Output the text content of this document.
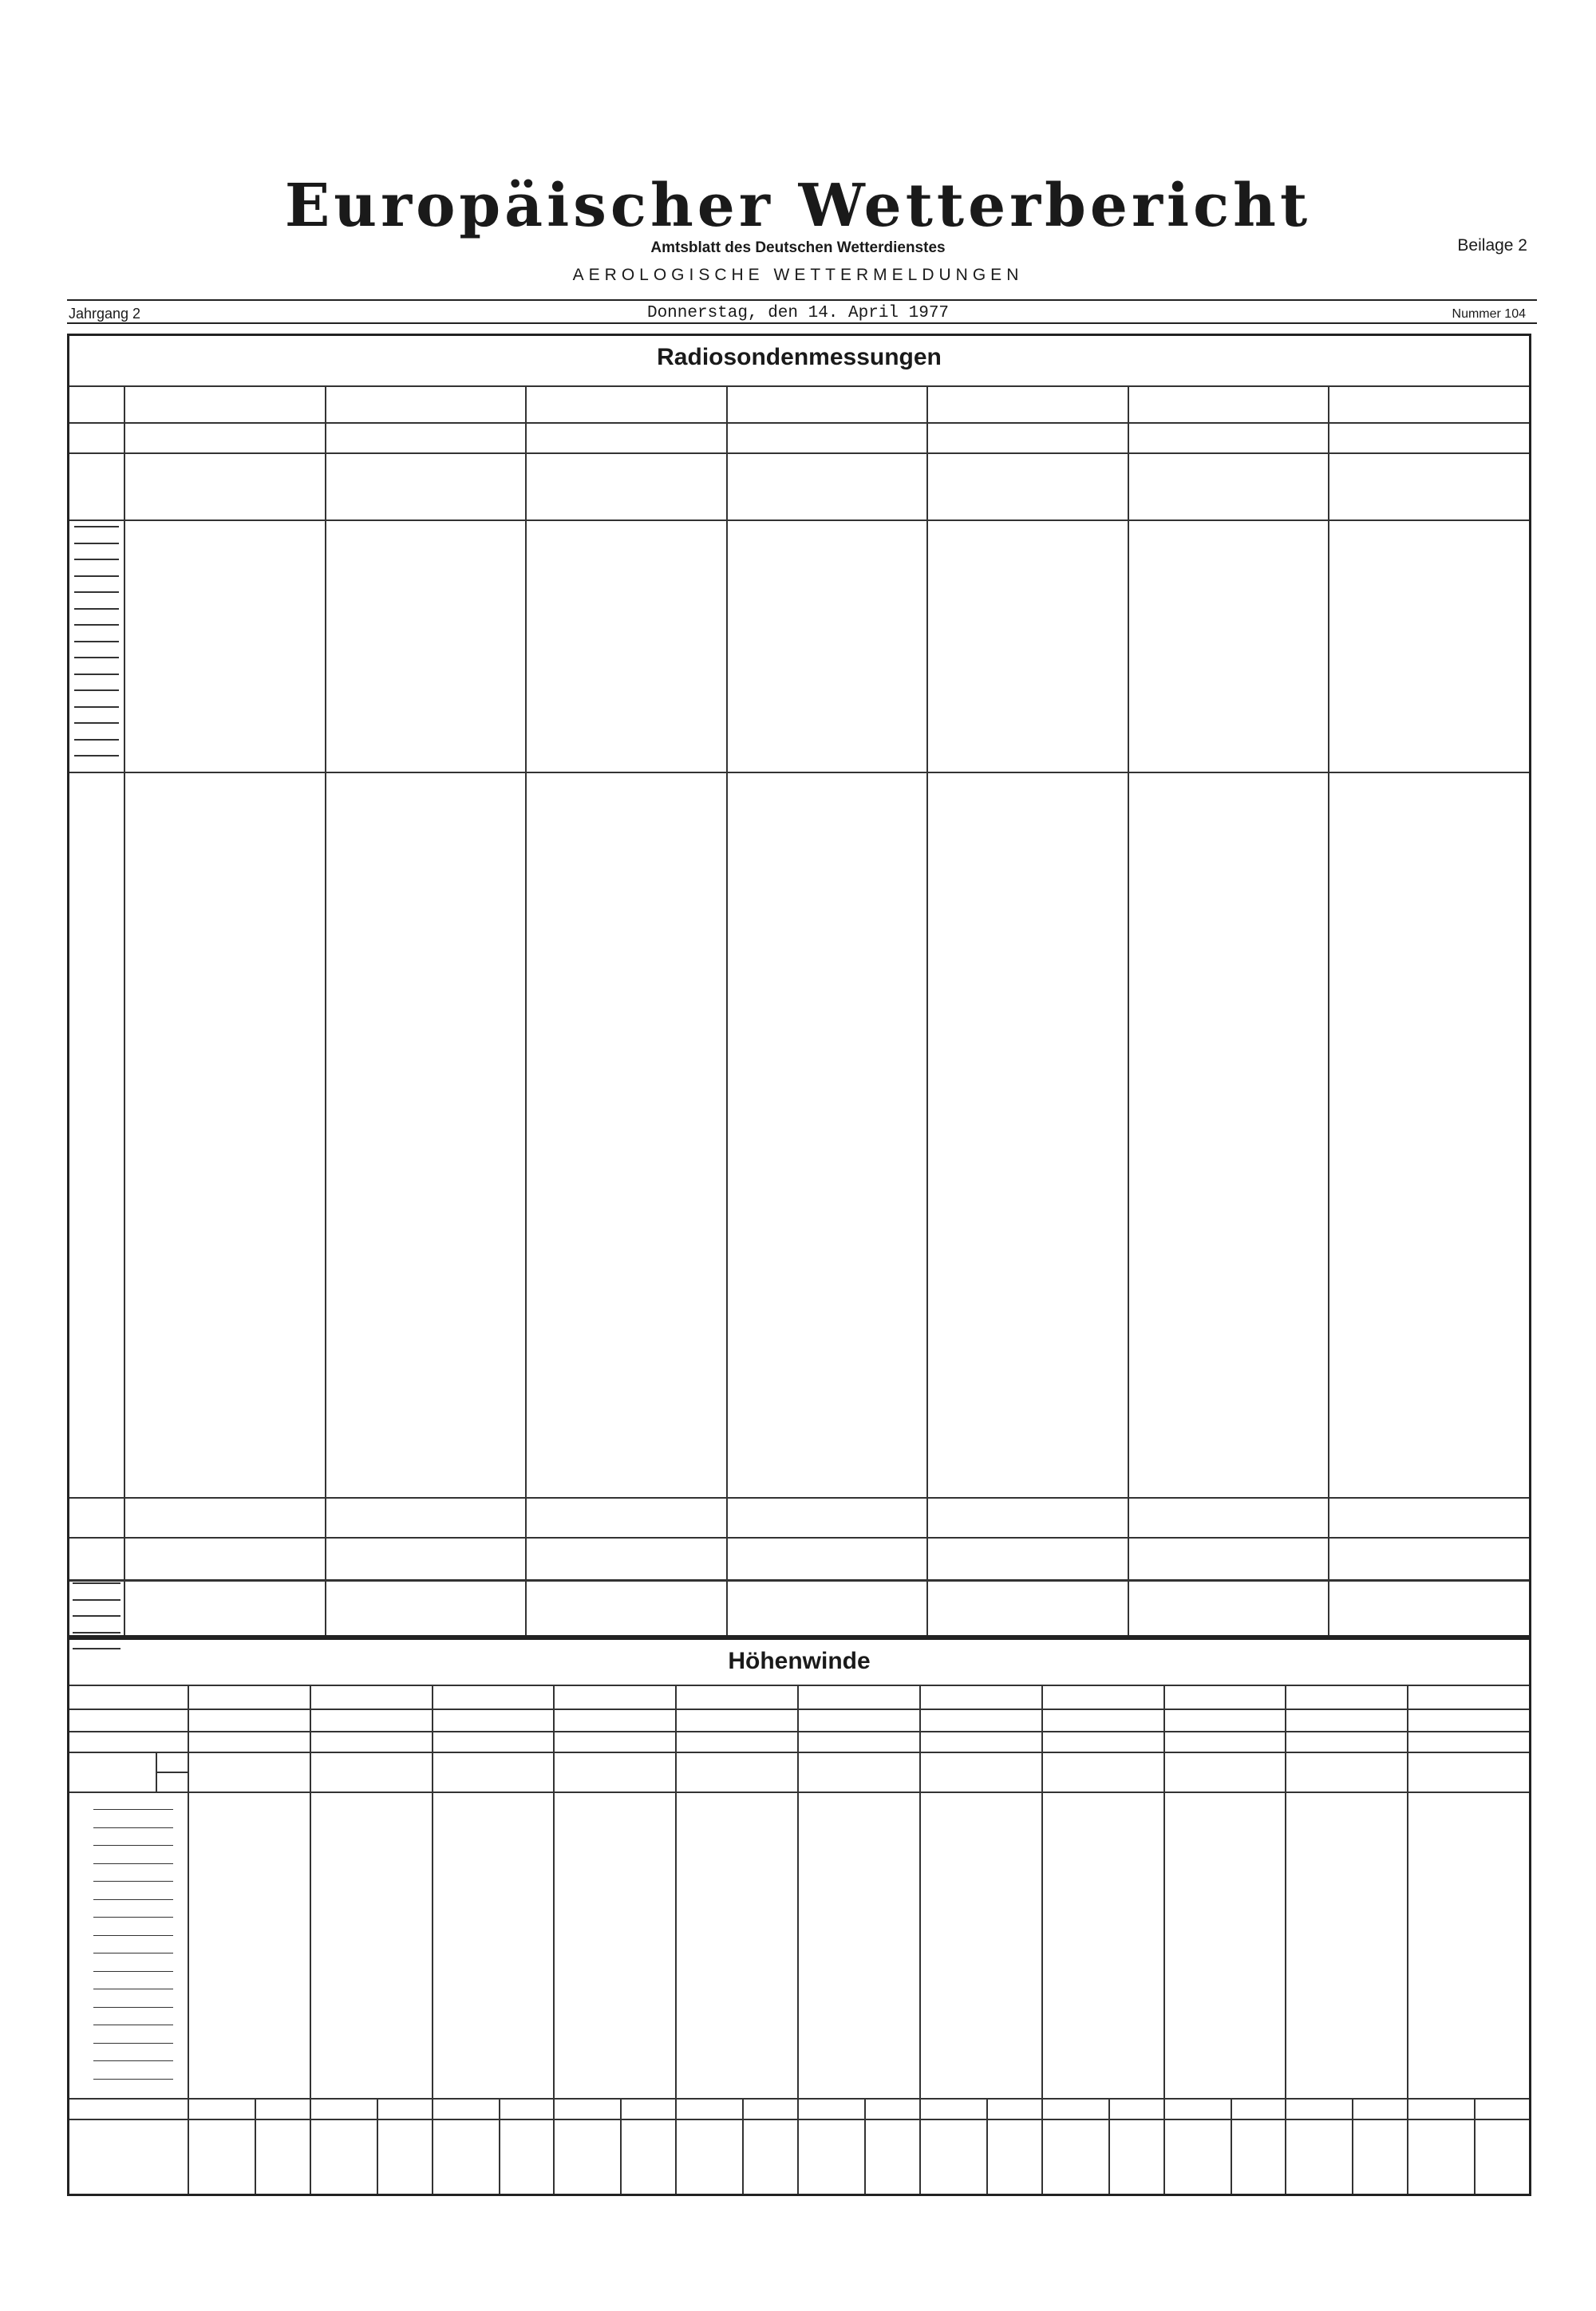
Europäischer Wetterbericht
Amtsblatt des Deutschen Wetterdienstes	Beilage 2
AEROLOGISCHE WETTERMELDUNGEN
Jahrgang 2	Donnerstag, den 14. April 1977	Nummer 104
Radiosondenmessungen
Höhenwinde
